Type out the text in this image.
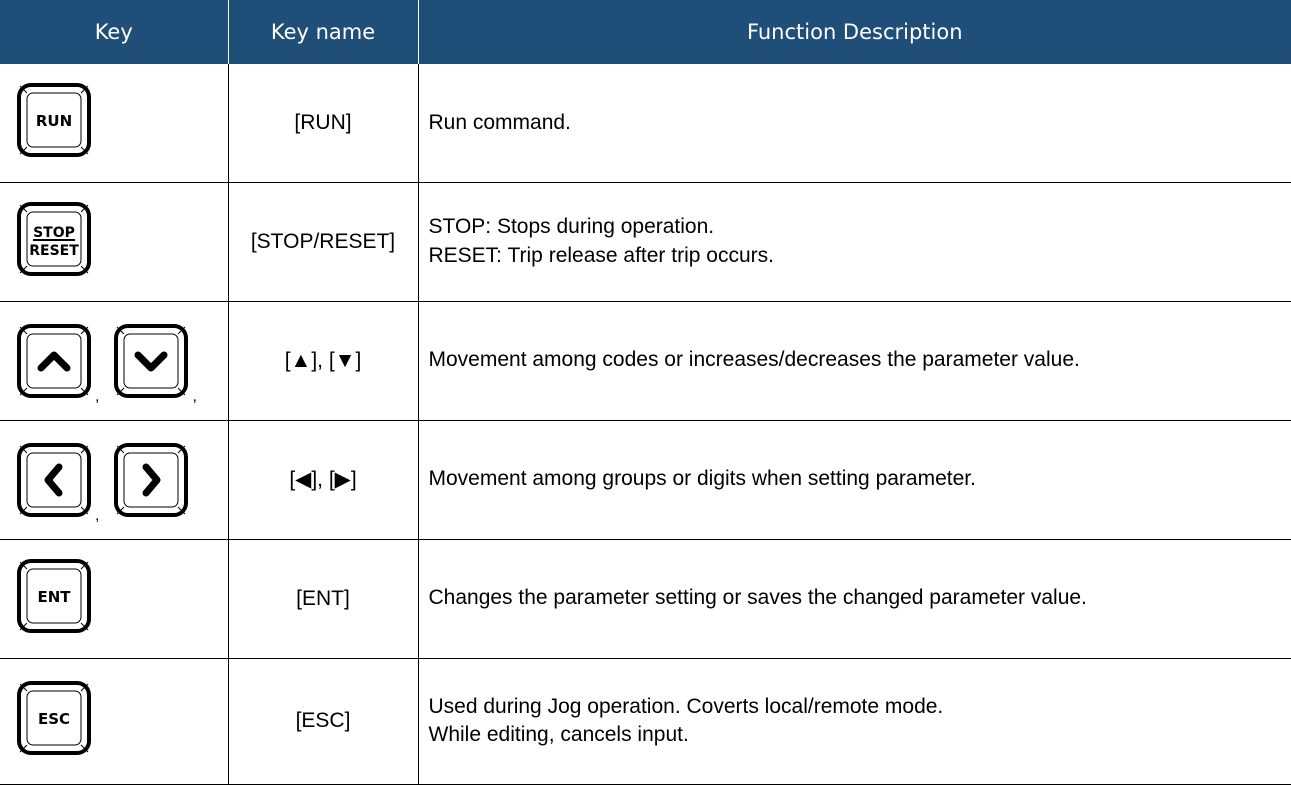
Key	Key name	Function Description

RUN	[RUN]	Run command.

STOP
RESET	[STOP/RESET]	STOP: Stops during operation.
RESET: Trip release after trip occurs.

, ,	[▲], [▼]	Movement among codes or increases/decreases the parameter value.

,	[◀], [▶]	Movement among groups or digits when setting parameter.

ENT	[ENT]	Changes the parameter setting or saves the changed parameter value.

ESC	[ESC]	Used during Jog operation. Coverts local/remote mode.
While editing, cancels input.
